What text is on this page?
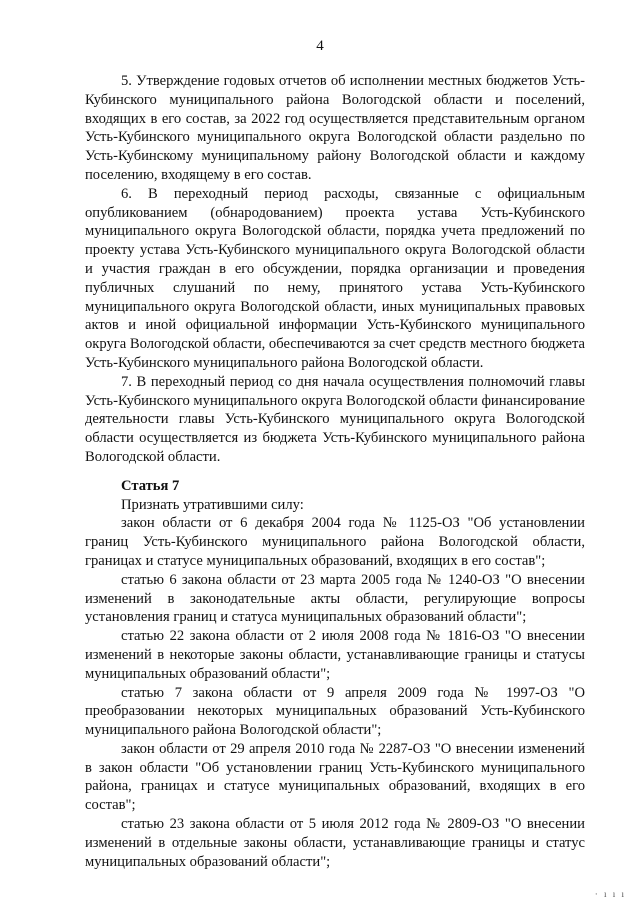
4

5. Утверждение годовых отчетов об исполнении местных бюджетов Усть-Кубинского муниципального района Вологодской области и поселений, входящих в его состав, за 2022 год осуществляется представительным органом Усть-Кубинского муниципального округа Вологодской области раздельно по Усть-Кубинскому муниципальному району Вологодской области и каждому поселению, входящему в его состав.

6. В переходный период расходы, связанные с официальным опубликованием (обнародованием) проекта устава Усть-Кубинского муниципального округа Вологодской области, порядка учета предложений по проекту устава Усть-Кубинского муниципального округа Вологодской области и участия граждан в его обсуждении, порядка организации и проведения публичных слушаний по нему, принятого устава Усть-Кубинского муниципального округа Вологодской области, иных муниципальных правовых актов и иной официальной информации Усть-Кубинского муниципального округа Вологодской области, обеспечиваются за счет средств местного бюджета Усть-Кубинского муниципального района Вологодской области.

7. В переходный период со дня начала осуществления полномочий главы Усть-Кубинского муниципального округа Вологодской области финансирование деятельности главы Усть-Кубинского муниципального округа Вологодской области осуществляется из бюджета Усть-Кубинского муниципального района Вологодской области.

Статья 7

Признать утратившими силу:

закон области от 6 декабря 2004 года № 1125-ОЗ "Об установлении границ Усть-Кубинского муниципального района Вологодской области, границах и статусе муниципальных образований, входящих в его состав";

статью 6 закона области от 23 марта 2005 года № 1240-ОЗ "О внесении изменений в законодательные акты области, регулирующие вопросы установления границ и статуса муниципальных образований области";

статью 22 закона области от 2 июля 2008 года № 1816-ОЗ "О внесении изменений в некоторые законы области, устанавливающие границы и статусы муниципальных образований области";

статью 7 закона области от 9 апреля 2009 года № 1997-ОЗ "О преобразовании некоторых муниципальных образований Усть-Кубинского муниципального района Вологодской области";

закон области от 29 апреля 2010 года № 2287-ОЗ "О внесении изменений в закон области "Об установлении границ Усть-Кубинского муниципального района, границах и статусе муниципальных образований, входящих в его состав";

статью 23 закона области от 5 июля 2012 года № 2809-ОЗ "О внесении изменений в отдельные законы области, устанавливающие границы и статус муниципальных образований области";

· ı ı ı
